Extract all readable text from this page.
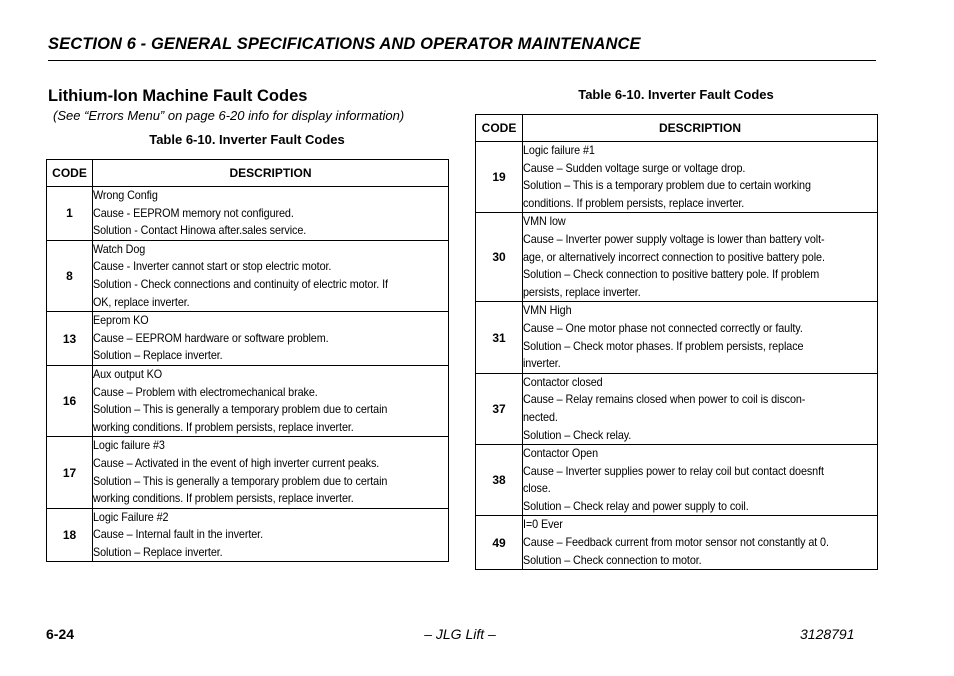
SECTION 6 - GENERAL SPECIFICATIONS AND OPERATOR MAINTENANCE
Lithium-Ion Machine Fault Codes
(See “Errors Menu” on page 6-20 info for display information)
Table 6-10. Inverter Fault Codes
Table 6-10. Inverter Fault Codes
CODE	DESCRIPTION
1	Wrong Config
Cause - EEPROM memory not configured.
Solution - Contact Hinowa after.sales service.

8	Watch Dog
Cause - Inverter cannot start or stop electric motor.
Solution - Check connections and continuity of electric motor. If
OK, replace inverter.

13	Eeprom KO
Cause – EEPROM hardware or software problem.
Solution – Replace inverter.

16	Aux output KO
Cause – Problem with electromechanical brake.
Solution – This is generally a temporary problem due to certain
working conditions. If problem persists, replace inverter.

17	Logic failure #3
Cause – Activated in the event of high inverter current peaks.
Solution – This is generally a temporary problem due to certain
working conditions. If problem persists, replace inverter.

18	Logic Failure #2
Cause – Internal fault in the inverter.
Solution – Replace inverter.
CODE	DESCRIPTION
19	Logic failure #1
Cause – Sudden voltage surge or voltage drop.
Solution – This is a temporary problem due to certain working
conditions. If problem persists, replace inverter.

30	VMN low
Cause – Inverter power supply voltage is lower than battery volt-
age, or alternatively incorrect connection to positive battery pole.
Solution – Check connection to positive battery pole. If problem
persists, replace inverter.

31	VMN High
Cause – One motor phase not connected correctly or faulty.
Solution – Check motor phases. If problem persists, replace
inverter.

37	Contactor closed
Cause – Relay remains closed when power to coil is discon-
nected.
Solution – Check relay.

38	Contactor Open
Cause – Inverter supplies power to relay coil but contact doesnft
close.
Solution – Check relay and power supply to coil.

49	I=0 Ever
Cause – Feedback current from motor sensor not constantly at 0.
Solution – Check connection to motor.
6-24	– JLG Lift –	3128791
